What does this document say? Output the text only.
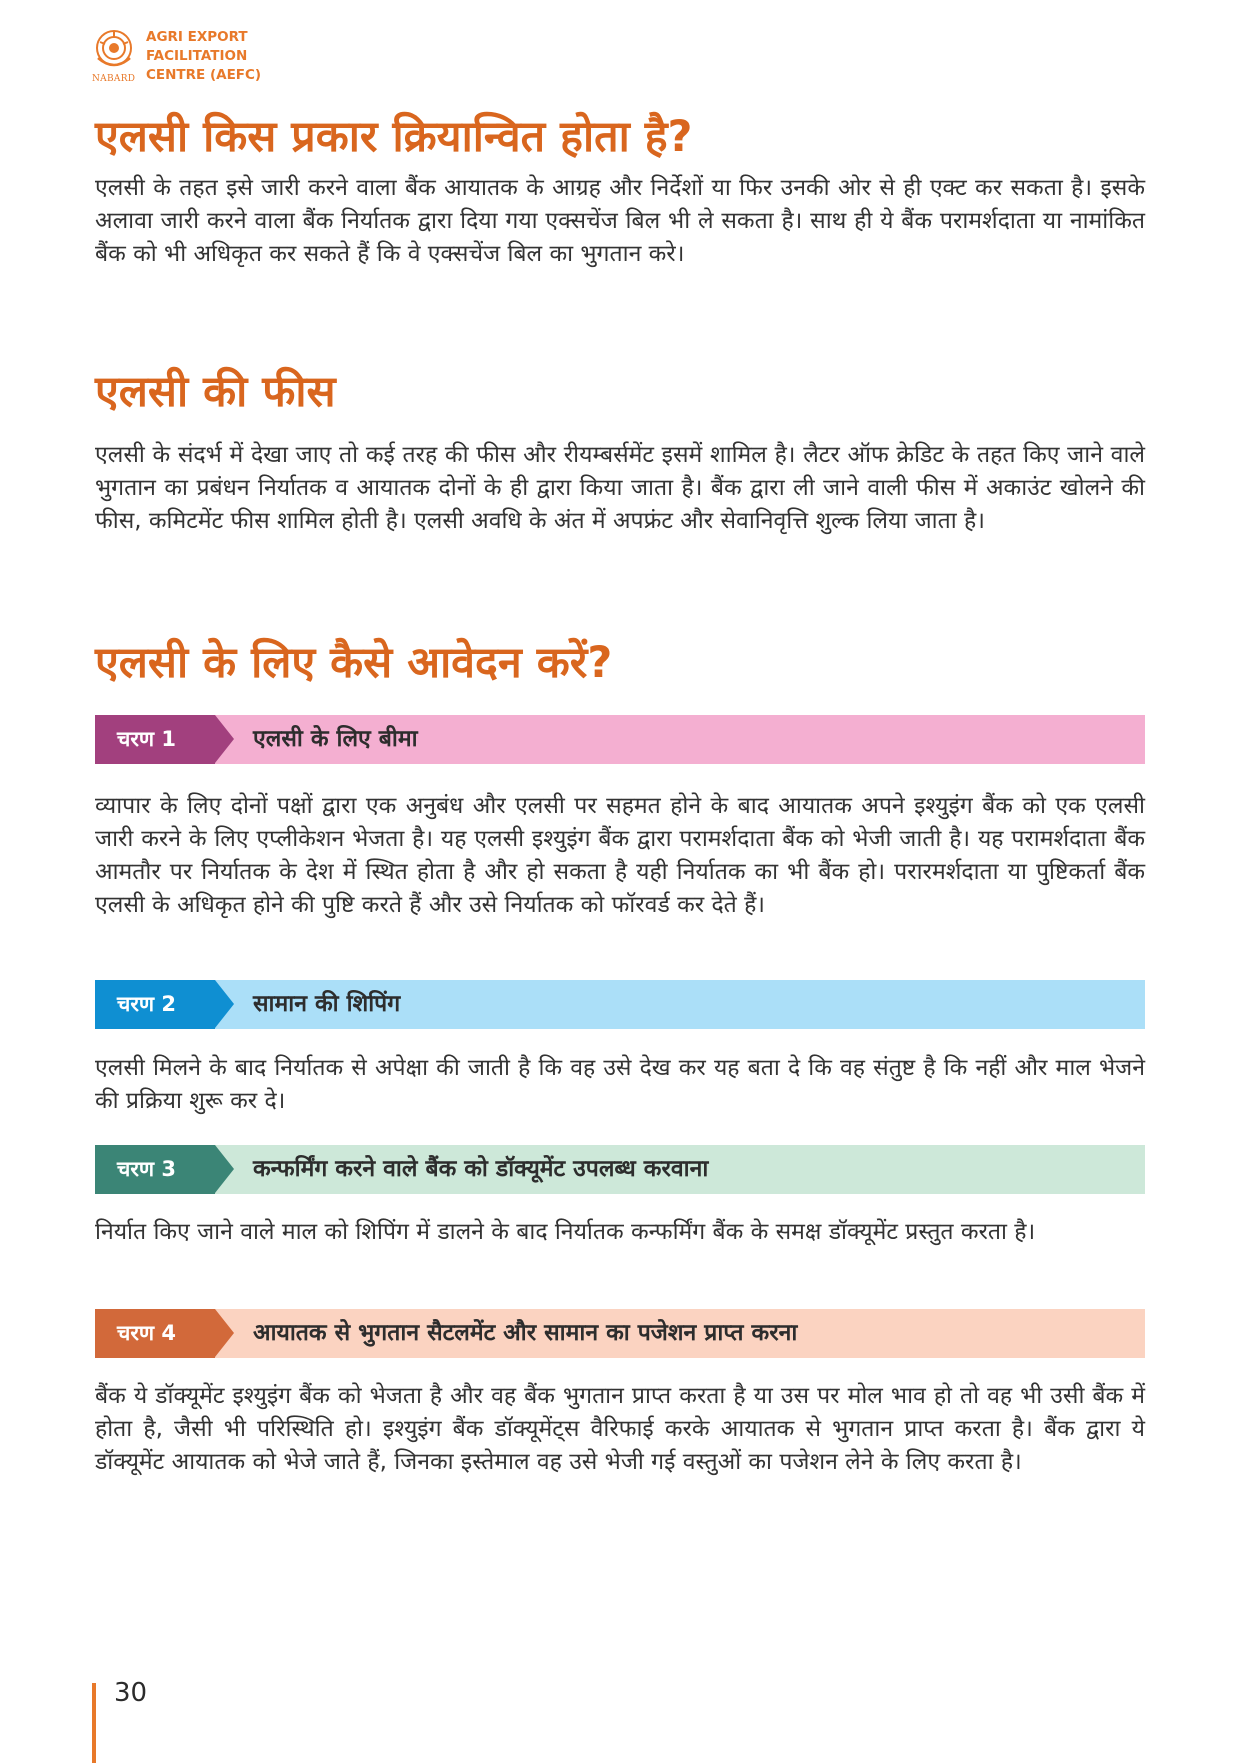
NABARD
AGRI EXPORT
FACILITATION
CENTRE (AEFC)
एलसी किस प्रकार क्रियान्वित होता है?

एलसी के तहत इसे जारी करने वाला बैंक आयातक के आग्रह और निर्देशों या फिर उनकी ओर से ही एक्ट कर सकता है। इसके अलावा जारी करने वाला बैंक निर्यातक द्वारा दिया गया एक्सचेंज बिल भी ले सकता है। साथ ही ये बैंक परामर्शदाता या नामांकित बैंक को भी अधिकृत कर सकते हैं कि वे एक्सचेंज बिल का भुगतान करे।

एलसी की फीस

एलसी के संदर्भ में देखा जाए तो कई तरह की फीस और रीयम्बर्समेंट इसमें शामिल है। लैटर ऑफ क्रेडिट के तहत किए जाने वाले भुगतान का प्रबंधन निर्यातक व आयातक दोनों के ही द्वारा किया जाता है। बैंक द्वारा ली जाने वाली फीस में अकाउंट खोलने की फीस, कमिटमेंट फीस शामिल होती है। एलसी अवधि के अंत में अपफ्रंट और सेवानिवृत्ति शुल्क लिया जाता है।

एलसी के लिए कैसे आवेदन करें?
चरण 1	एलसी के लिए बीमा

व्यापार के लिए दोनों पक्षों द्वारा एक अनुबंध और एलसी पर सहमत होने के बाद आयातक अपने इश्युइंग बैंक को एक एलसी जारी करने के लिए एप्लीकेशन भेजता है। यह एलसी इश्युइंग बैंक द्वारा परामर्शदाता बैंक को भेजी जाती है। यह परामर्शदाता बैंक आमतौर पर निर्यातक के देश में स्थित होता है और हो सकता है यही निर्यातक का भी बैंक हो। परारमर्शदाता या पुष्टिकर्ता बैंक एलसी के अधिकृत होने की पुष्टि करते हैं और उसे निर्यातक को फॉरवर्ड कर देते हैं।

चरण 2	सामान की शिपिंग

एलसी मिलने के बाद निर्यातक से अपेक्षा की जाती है कि वह उसे देख कर यह बता दे कि वह संतुष्ट है कि नहीं और माल भेजने की प्रक्रिया शुरू कर दे।

चरण 3	कन्फर्मिंग करने वाले बैंक को डॉक्यूमेंट उपलब्ध करवाना

निर्यात किए जाने वाले माल को शिपिंग में डालने के बाद निर्यातक कन्फर्मिंग बैंक के समक्ष डॉक्यूमेंट प्रस्तुत करता है।

चरण 4	आयातक से भुगतान सैटलमेंट और सामान का पजेशन प्राप्त करना

बैंक ये डॉक्यूमेंट इश्युइंग बैंक को भेजता है और वह बैंक भुगतान प्राप्त करता है या उस पर मोल भाव हो तो वह भी उसी बैंक में होता है, जैसी भी परिस्थिति हो। इश्युइंग बैंक डॉक्यूमेंट्स वैरिफाई करके आयातक से भुगतान प्राप्त करता है। बैंक द्वारा ये डॉक्यूमेंट आयातक को भेजे जाते हैं, जिनका इस्तेमाल वह उसे भेजी गई वस्तुओं का पजेशन लेने के लिए करता है।

30
